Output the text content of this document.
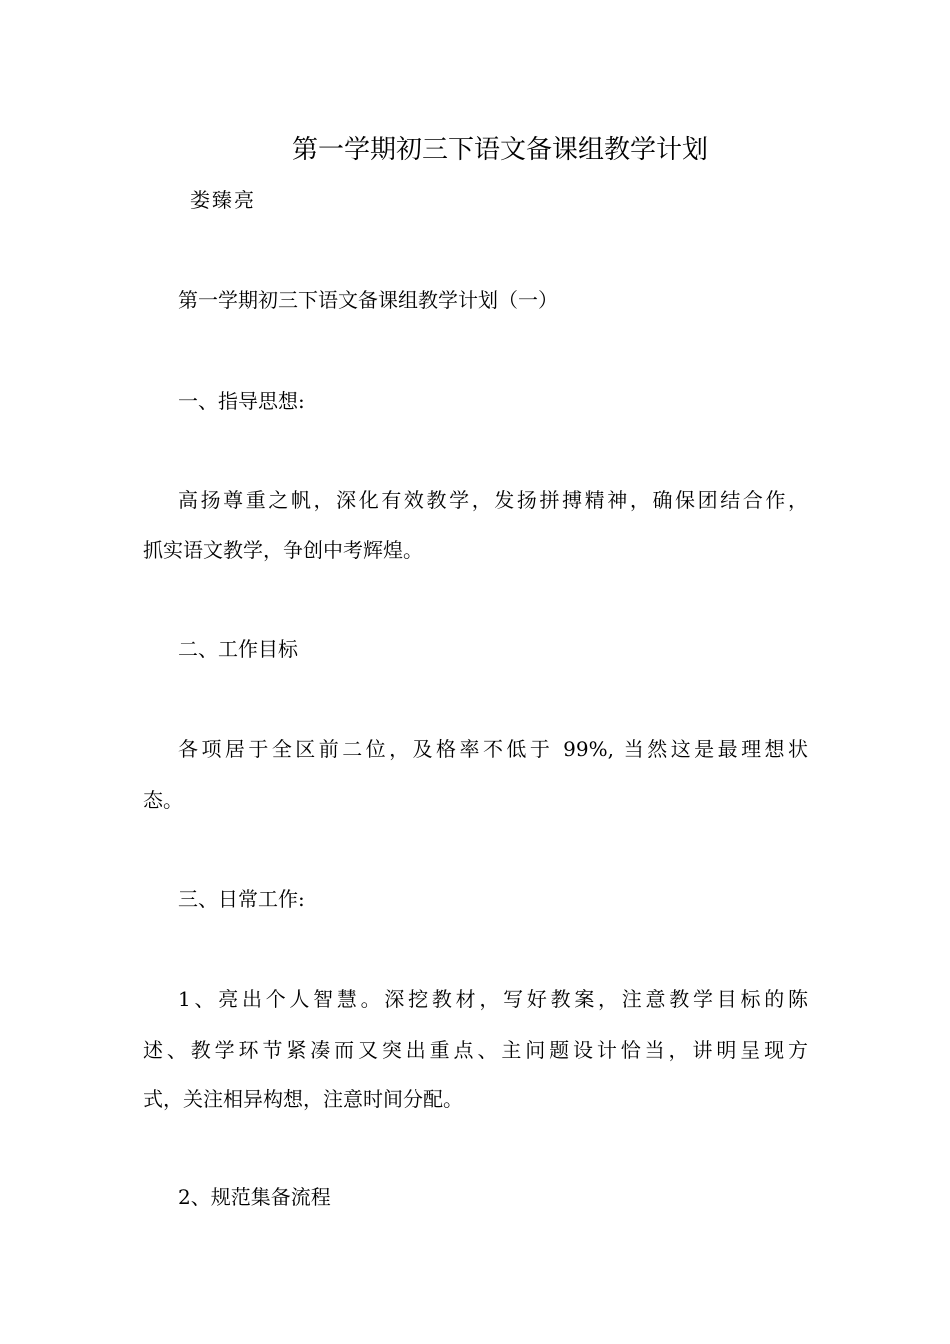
第一学期初三下语文备课组教学计划
娄臻亮
第一学期初三下语文备课组教学计划（一）
一、指导思想:
高扬尊重之帆，深化有效教学，发扬拼搏精神，确保团结合作，
抓实语文教学，争创中考辉煌。
二、工作目标
各项居于全区前二位，及格率不低于 99%, 当然这是最理想状
态。
三、日常工作:
1、亮出个人智慧。深挖教材，写好教案，注意教学目标的陈
述、教学环节紧凑而又突出重点、主问题设计恰当，讲明呈现方
式，关注相异构想，注意时间分配。
2、规范集备流程
